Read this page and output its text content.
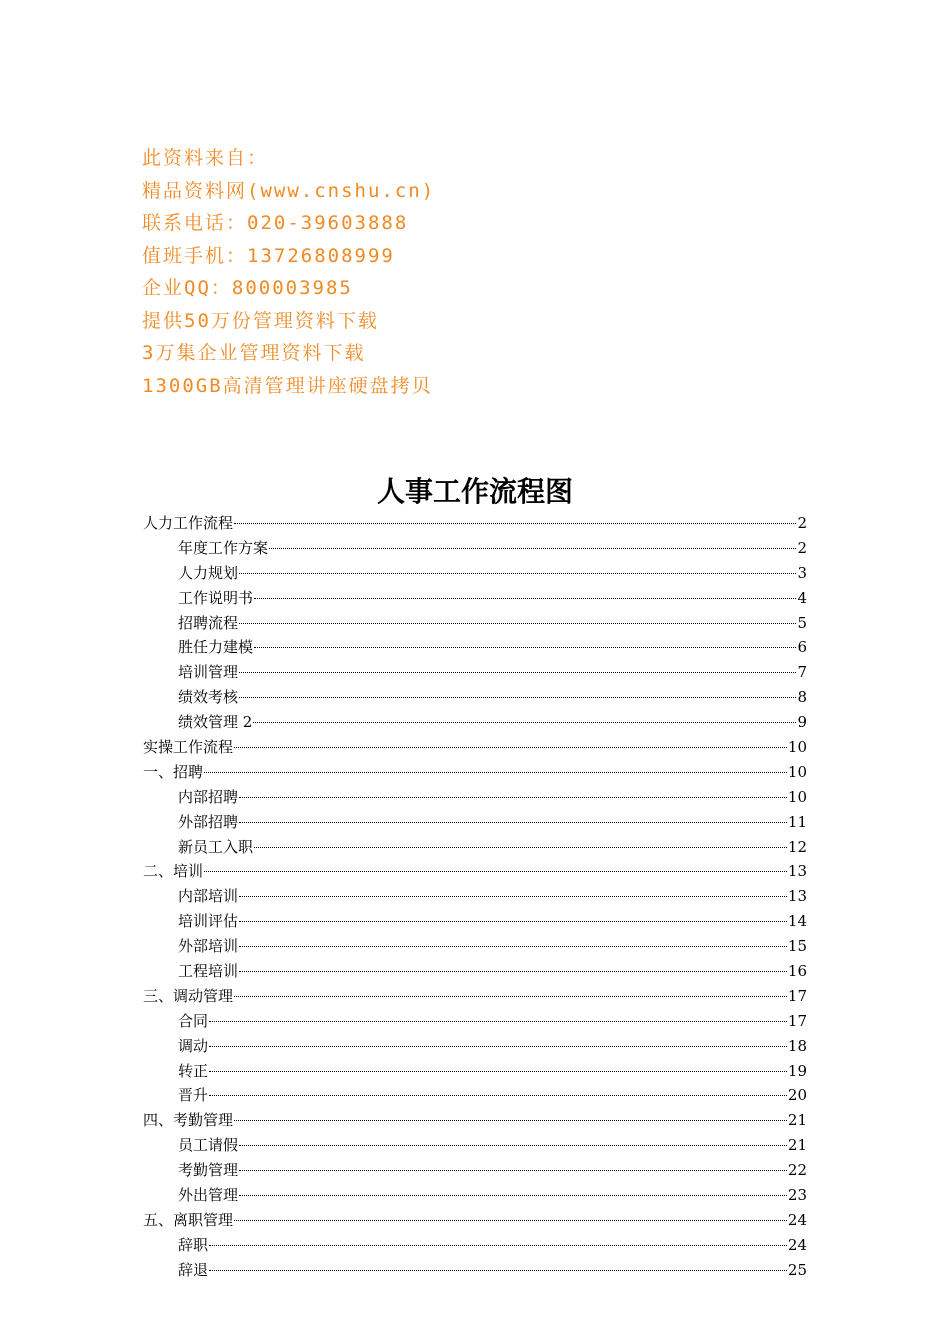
此资料来自：
精品资料网(www.cnshu.cn)
联系电话：020-39603888
值班手机：13726808999
企业QQ：800003985
提供50万份管理资料下载
3万集企业管理资料下载
1300GB高清管理讲座硬盘拷贝
人事工作流程图
人力工作流程	2
年度工作方案	2
人力规划	3
工作说明书	4
招聘流程	5
胜任力建模	6
培训管理	7
绩效考核	8
绩效管理 2	9
实操工作流程	10
一、招聘	10
内部招聘	10
外部招聘	11
新员工入职	12
二、培训	13
内部培训	13
培训评估	14
外部培训	15
工程培训	16
三、调动管理	17
合同	17
调动	18
转正	19
晋升	20
四、考勤管理	21
员工请假	21
考勤管理	22
外出管理	23
五、离职管理	24
辞职	24
辞退	25
